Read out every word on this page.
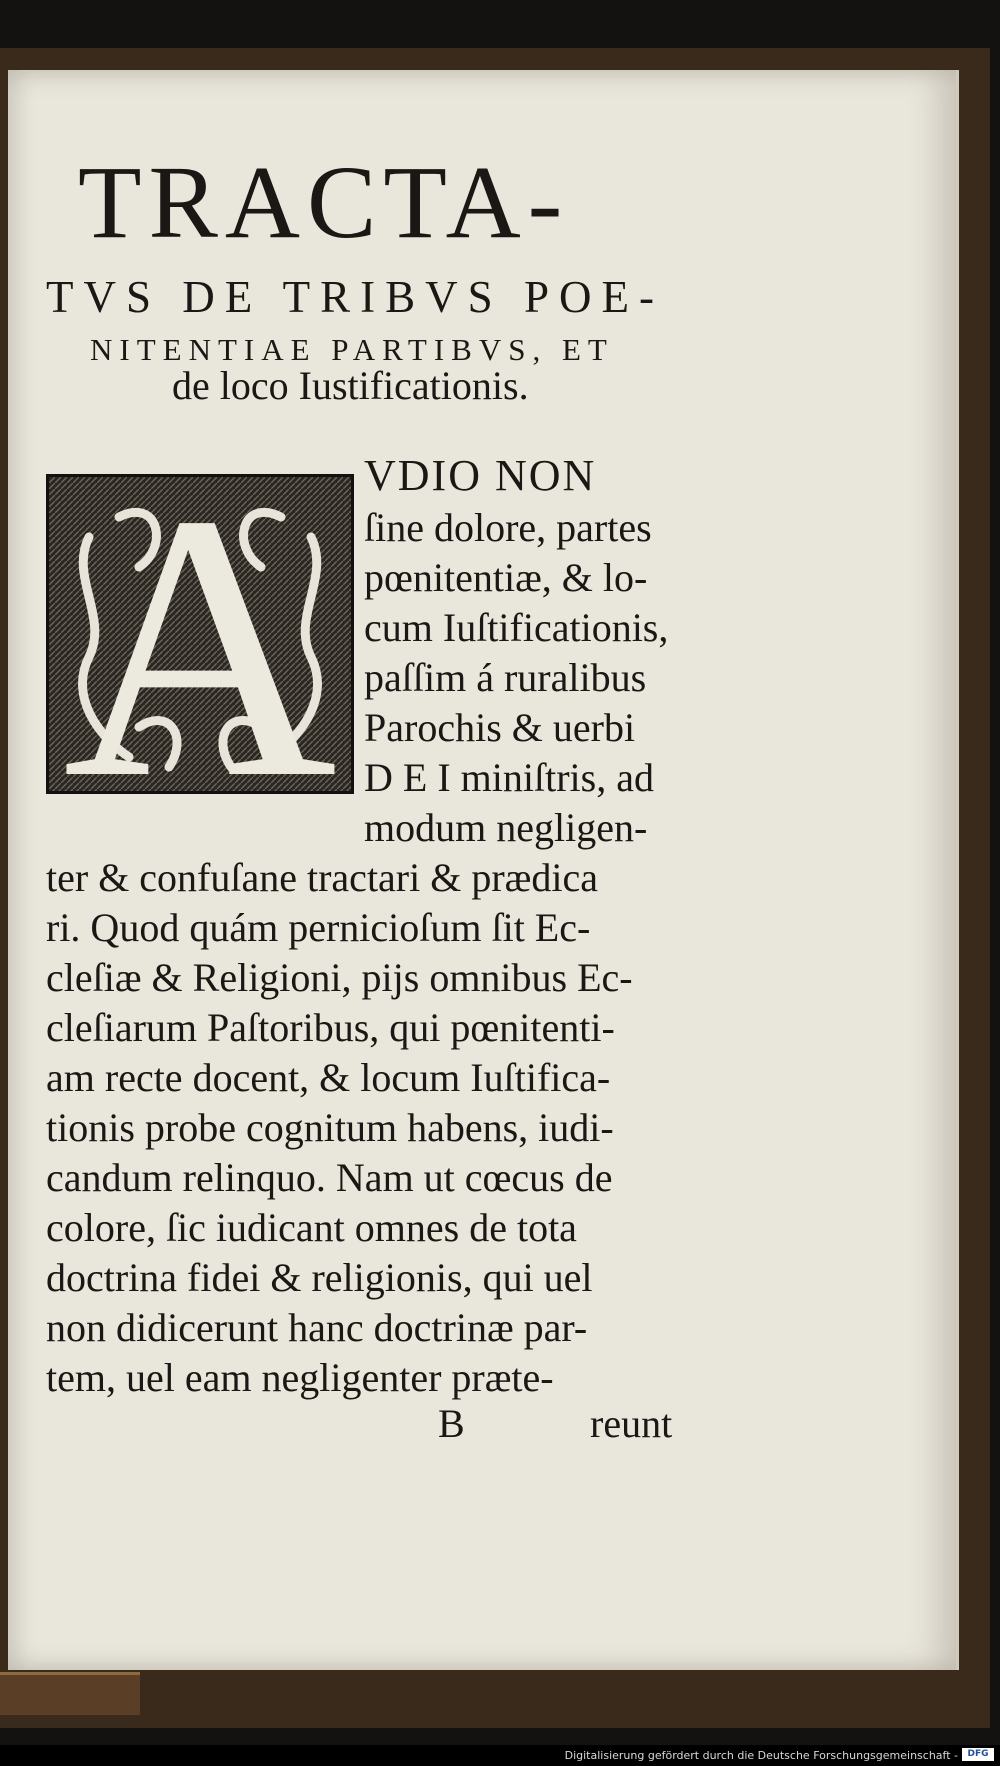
TRACTA-
TVS DE TRIBVS POE-
NITENTIAE PARTIBVS, ET
de loco Iustificationis.
A VDIO NON
ſine dolore, partes
pœnitentiæ, & lo-
cum Iuſtificationis,
paſſim á ruralibus
Parochis & uerbi
D E I miniſtris, ad
modum negligen-
ter & confuſane tractari & prædica
ri. Quod quám pernicioſum ſit Ec-
cleſiæ & Religioni, pijs omnibus Ec-
cleſiarum Paſtoribus, qui pœnitenti-
am recte docent, & locum Iuſtifica-
tionis probe cognitum habens, iudi-
candum relinquo. Nam ut cœcus de
colore, ſic iudicant omnes de tota
doctrina fidei & religionis, qui uel
non didicerunt hanc doctrinæ par-
tem, uel eam negligenter præte-
B	reunt
Digitalisierung gefördert durch die Deutsche Forschungsgemeinschaft -	DFG
